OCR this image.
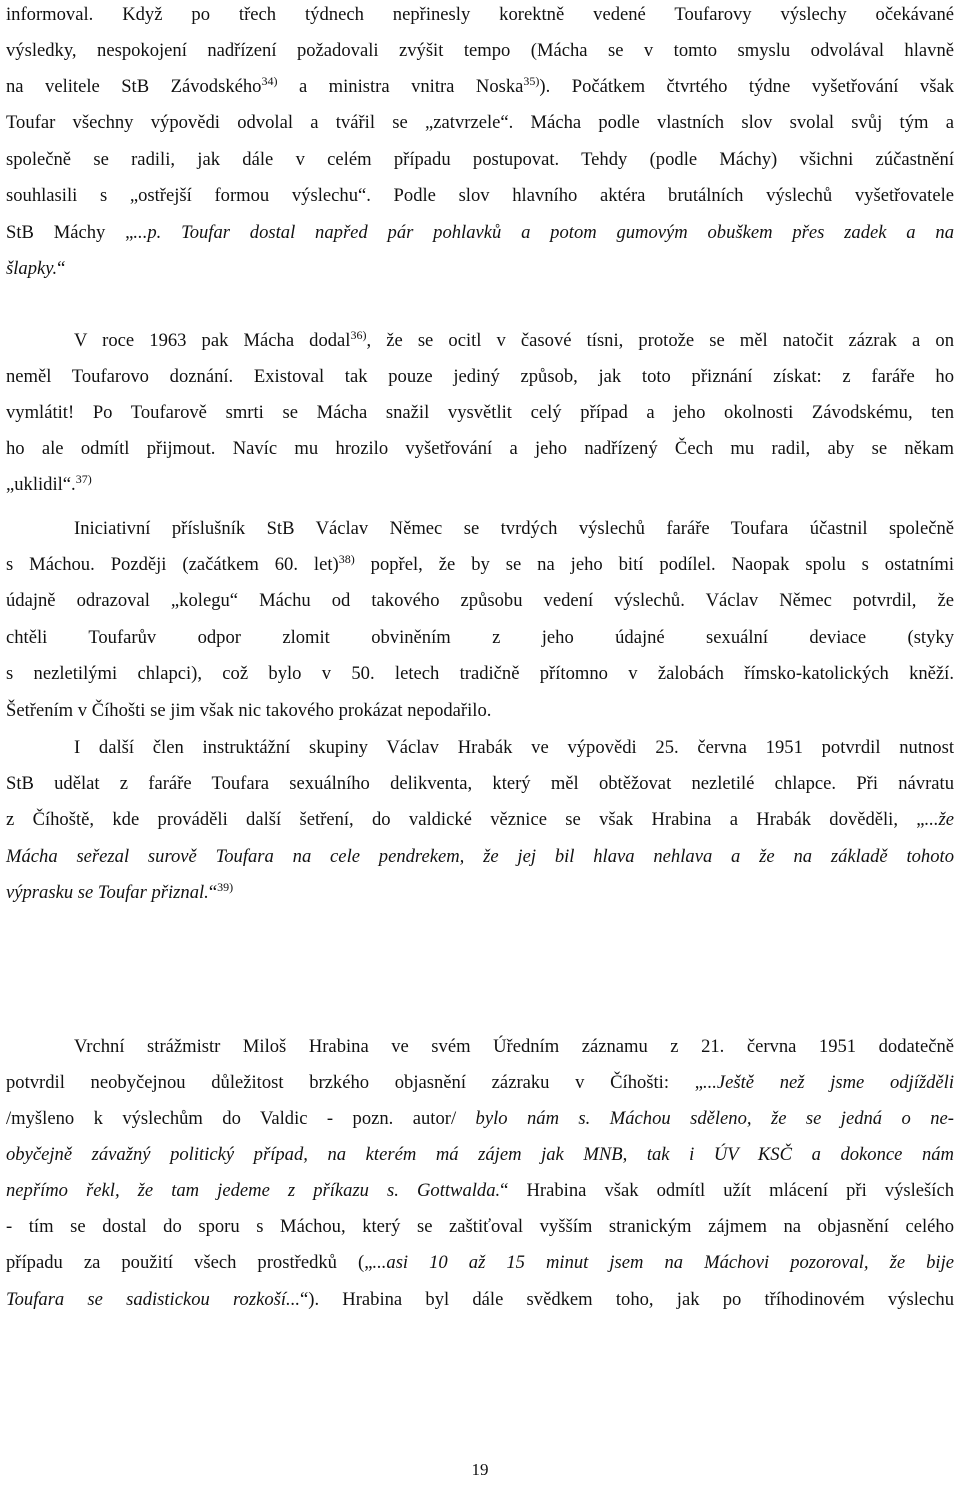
informoval. Když po třech týdnech nepřinesly korektně vedené Toufarovy výslechy očekávané
výsledky, nespokojení nadřízení požadovali zvýšit tempo (Mácha se v tomto smyslu odvolával hlavně
na velitele StB Závodského$^{34)}$ a ministra vnitra Noska$^{35)}$). Počátkem čtvrtého týdne vyšetřování však
Toufar všechny výpovědi odvolal a tvářil se „zatvrzele“. Mácha podle vlastních slov svolal svůj tým a
společně se radili, jak dále v celém případu postupovat. Tehdy (podle Máchy) všichni zúčastnění
souhlasili s „ostřejší formou výslechu“. Podle slov hlavního aktéra brutálních výslechů vyšetřovatele
StB Máchy „...p. Toufar dostal napřed pár pohlavků a potom gumovým obuškem přes zadek a na
šlapky.“
V roce 1963 pak Mácha dodal$^{36)}$, že se ocitl v časové tísni, protože se měl natočit zázrak a on
neměl Toufarovo doznání. Existoval tak pouze jediný způsob, jak toto přiznání získat: z faráře ho
vymlátit! Po Toufarově smrti se Mácha snažil vysvětlit celý případ a jeho okolnosti Závodskému, ten
ho ale odmítl přijmout. Navíc mu hrozilo vyšetřování a jeho nadřízený Čech mu radil, aby se někam
„uklidil“.$^{37)}$
Iniciativní příslušník StB Václav Němec se tvrdých výslechů faráře Toufara účastnil společně
s Máchou. Později (začátkem 60. let)$^{38)}$ popřel, že by se na jeho bití podílel. Naopak spolu s ostatními
údajně odrazoval „kolegu“ Máchu od takového způsobu vedení výslechů. Václav Němec potvrdil, že
chtěli Toufarův odpor zlomit obviněním z jeho údajné sexuální deviace (styky
s nezletilými chlapci), což bylo v 50. letech tradičně přítomno v žalobách římsko-katolických kněží.
Šetřením v Číhošti se jim však nic takového prokázat nepodařilo.
I další člen instruktážní skupiny Václav Hrabák ve výpovědi 25. června 1951 potvrdil nutnost
StB udělat z faráře Toufara sexuálního delikventa, který měl obtěžovat nezletilé chlapce. Při návratu
z Číhoště, kde prováděli další šetření, do valdické věznice se však Hrabina a Hrabák dověděli, „...že
Mácha seřezal surově Toufara na cele pendrekem, že jej bil hlava nehlava a že na základě tohoto
výprasku se Toufar přiznal.“$^{39)}$
Vrchní strážmistr Miloš Hrabina ve svém Úředním záznamu z 21. června 1951 dodatečně
potvrdil neobyčejnou důležitost brzkého objasnění zázraku v Číhošti: „...Ještě než jsme odjížděli
/myšleno k výslechům do Valdic - pozn. autor/ bylo nám s. Máchou sděleno, že se jedná o ne-
obyčejně závažný politický případ, na kterém má zájem jak MNB, tak i ÚV KSČ a dokonce nám
nepřímo řekl, že tam jedeme z příkazu s. Gottwalda.“ Hrabina však odmítl užít mlácení při výsleších
- tím se dostal do sporu s Máchou, který se zaštiťoval vyšším stranickým zájmem na objasnění celého
případu za použití všech prostředků („...asi 10 až 15 minut jsem na Máchovi pozoroval, že bije
Toufara se sadistickou rozkoší...“). Hrabina byl dále svědkem toho, jak po tříhodinovém výslechu
19
